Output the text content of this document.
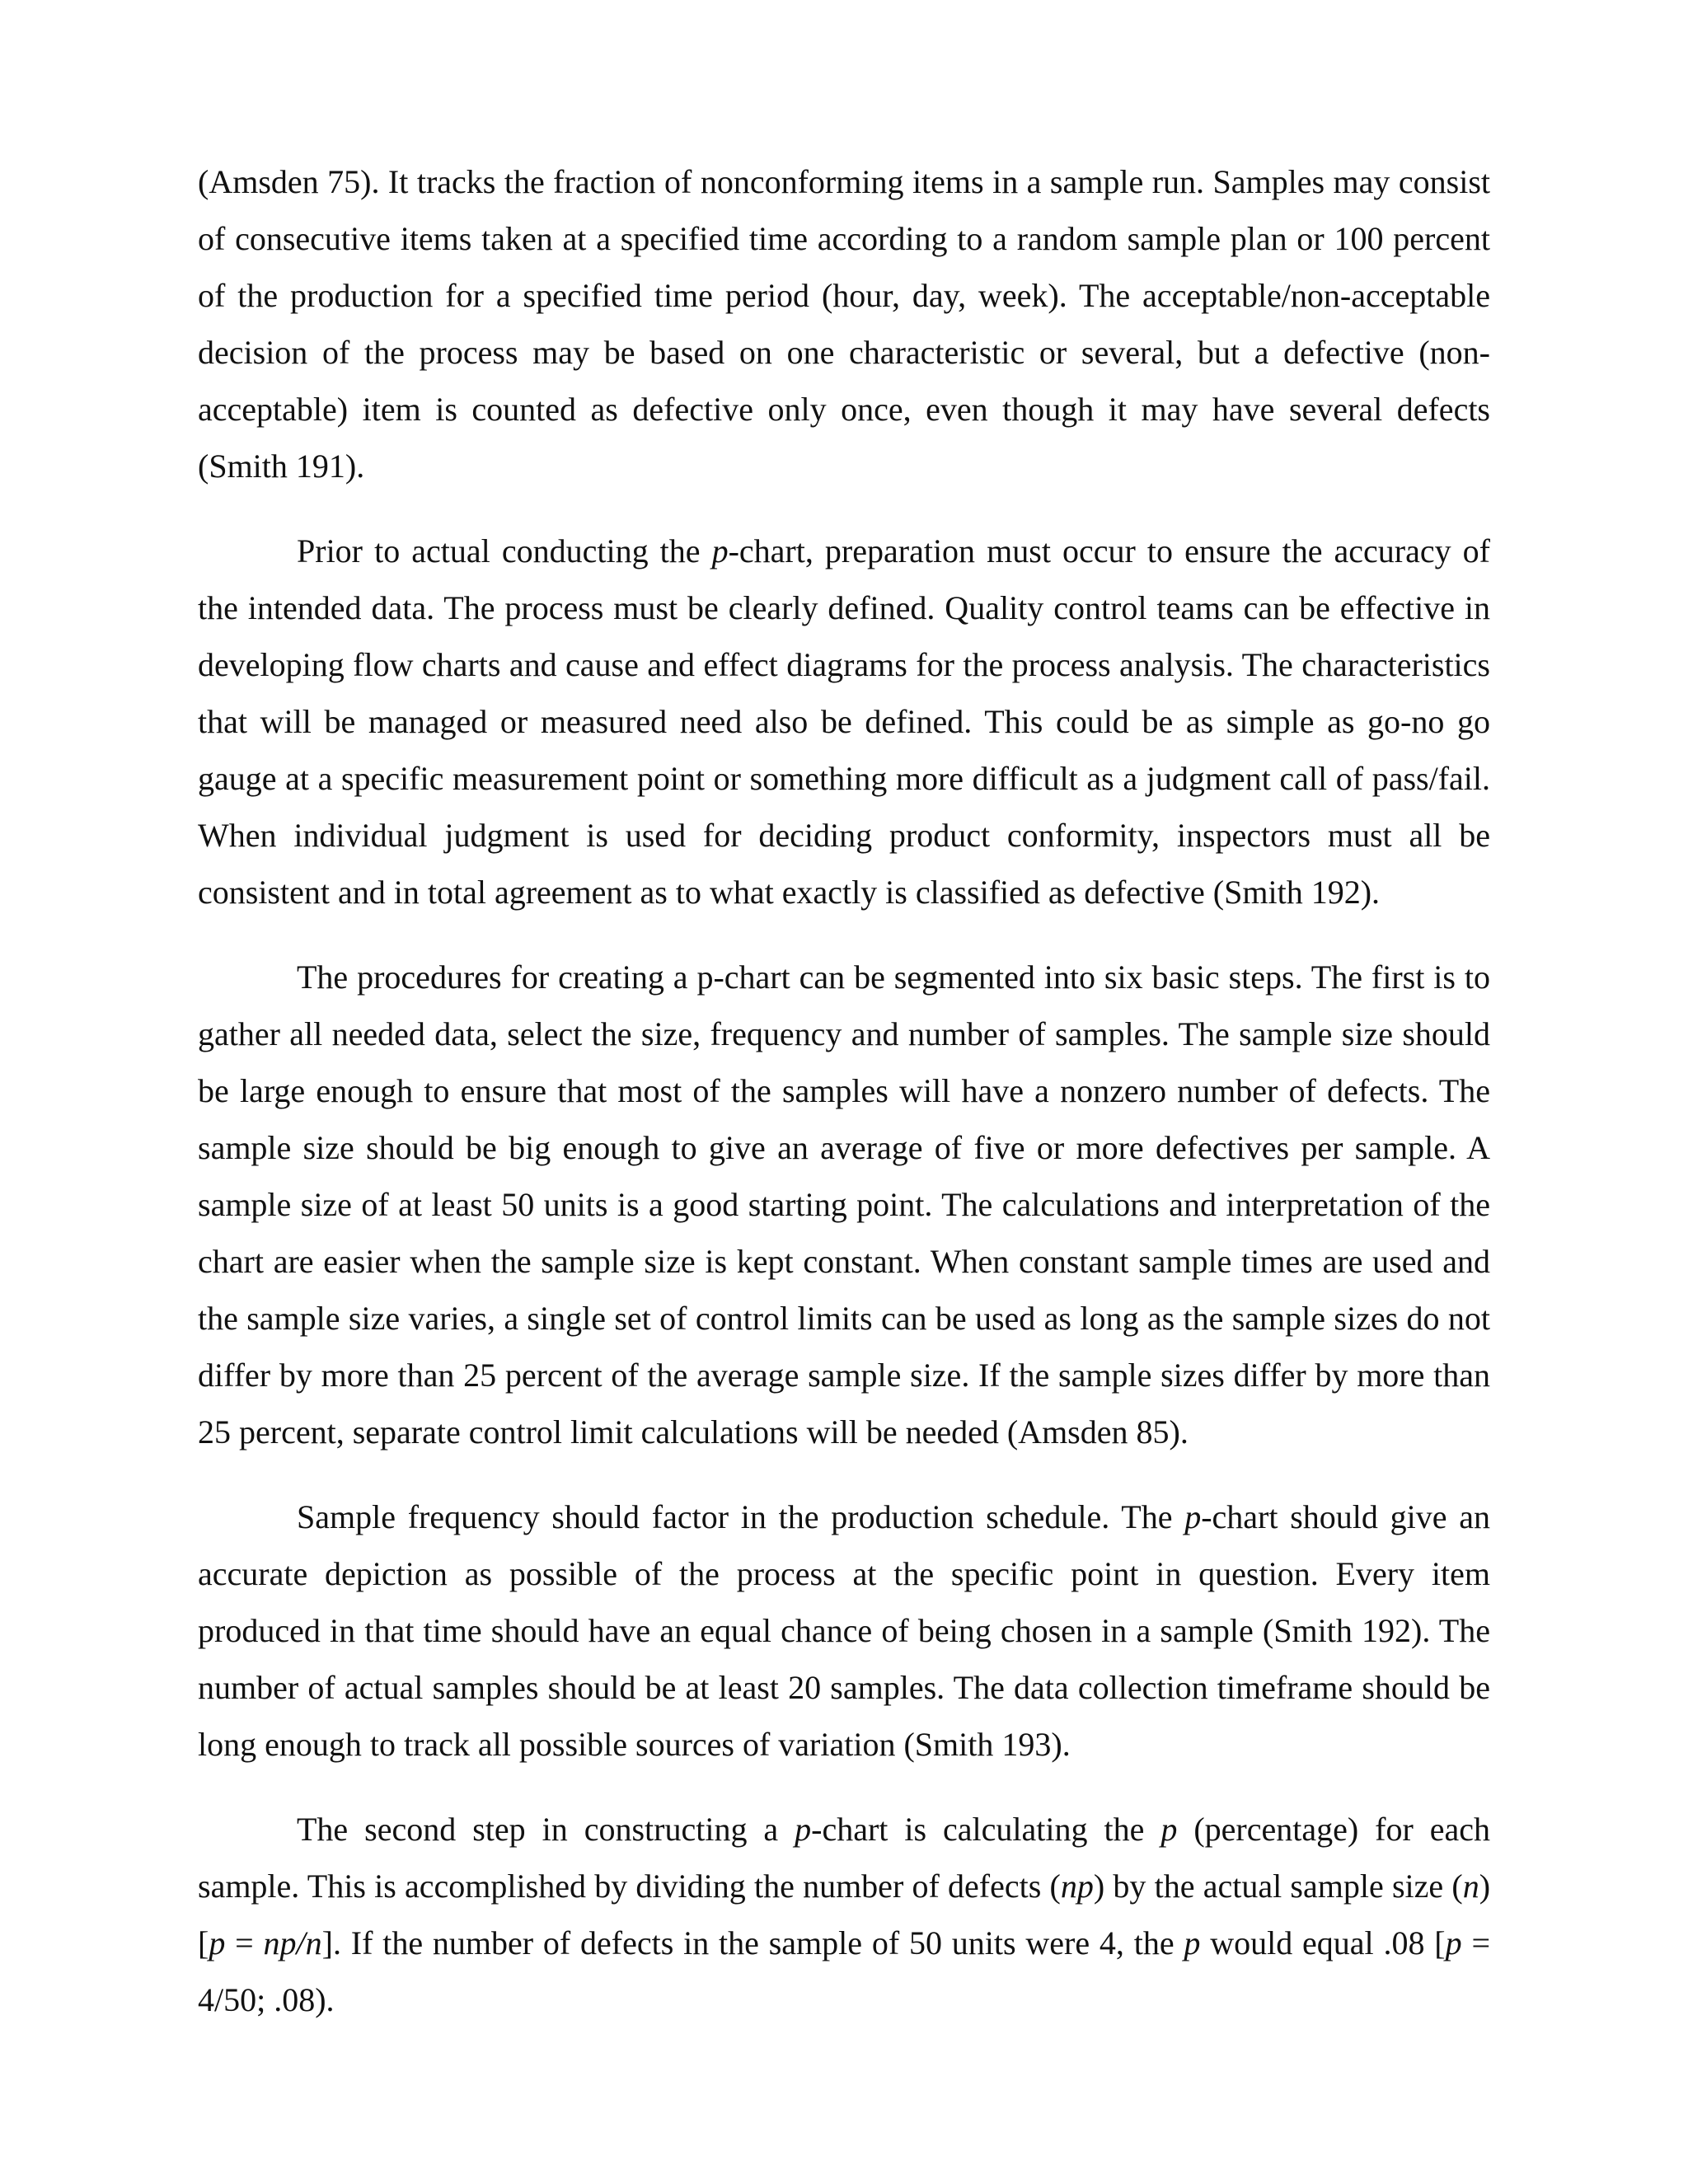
(Amsden 75). It tracks the fraction of nonconforming items in a sample run. Samples may consist of consecutive items taken at a specified time according to a random sample plan or 100 percent of the production for a specified time period (hour, day, week). The acceptable/non-acceptable decision of the process may be based on one characteristic or several, but a defective (non-acceptable) item is counted as defective only once, even though it may have several defects (Smith 191).

Prior to actual conducting the p-chart, preparation must occur to ensure the accuracy of the intended data. The process must be clearly defined. Quality control teams can be effective in developing flow charts and cause and effect diagrams for the process analysis. The characteristics that will be managed or measured need also be defined. This could be as simple as go-no go gauge at a specific measurement point or something more difficult as a judgment call of pass/fail. When individual judgment is used for deciding product conformity, inspectors must all be consistent and in total agreement as to what exactly is classified as defective (Smith 192).

The procedures for creating a p-chart can be segmented into six basic steps. The first is to gather all needed data, select the size, frequency and number of samples. The sample size should be large enough to ensure that most of the samples will have a nonzero number of defects. The sample size should be big enough to give an average of five or more defectives per sample. A sample size of at least 50 units is a good starting point. The calculations and interpretation of the chart are easier when the sample size is kept constant. When constant sample times are used and the sample size varies, a single set of control limits can be used as long as the sample sizes do not differ by more than 25 percent of the average sample size. If the sample sizes differ by more than 25 percent, separate control limit calculations will be needed (Amsden 85).

Sample frequency should factor in the production schedule. The p-chart should give an accurate depiction as possible of the process at the specific point in question. Every item produced in that time should have an equal chance of being chosen in a sample (Smith 192). The number of actual samples should be at least 20 samples. The data collection timeframe should be long enough to track all possible sources of variation (Smith 193).

The second step in constructing a p-chart is calculating the p (percentage) for each sample. This is accomplished by dividing the number of defects (np) by the actual sample size (n) [p = np/n]. If the number of defects in the sample of 50 units were 4, the p would equal .08 [p = 4/50; .08).
